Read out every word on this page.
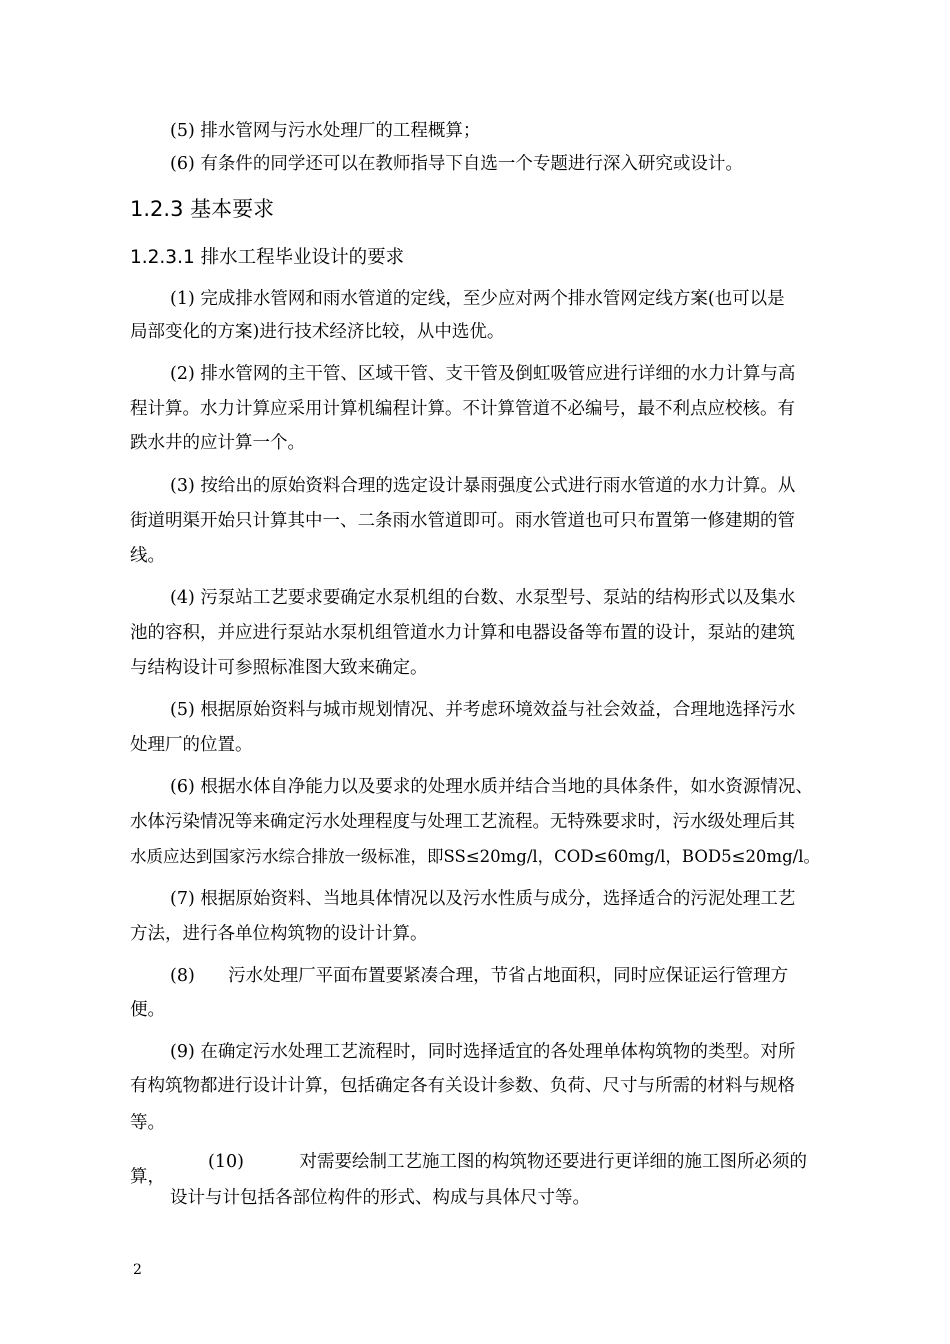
(5) 排水管网与污水处理厂的工程概算；
(6) 有条件的同学还可以在教师指导下自选一个专题进行深入研究或设计。
1.2.3 基本要求
1.2.3.1 排水工程毕业设计的要求
(1) 完成排水管网和雨水管道的定线，至少应对两个排水管网定线方案(也可以是
局部变化的方案)进行技术经济比较，从中选优。
(2) 排水管网的主干管、区域干管、支干管及倒虹吸管应进行详细的水力计算与高
程计算。水力计算应采用计算机编程计算。不计算管道不必编号，最不利点应校核。有
跌水井的应计算一个。
(3) 按给出的原始资料合理的选定设计暴雨强度公式进行雨水管道的水力计算。从
街道明渠开始只计算其中一、二条雨水管道即可。雨水管道也可只布置第一修建期的管
线。
(4) 污泵站工艺要求要确定水泵机组的台数、水泵型号、泵站的结构形式以及集水
池的容积，并应进行泵站水泵机组管道水力计算和电器设备等布置的设计，泵站的建筑
与结构设计可参照标准图大致来确定。
(5) 根据原始资料与城市规划情况、并考虑环境效益与社会效益，合理地选择污水
处理厂的位置。
(6) 根据水体自净能力以及要求的处理水质并结合当地的具体条件，如水资源情况、
水体污染情况等来确定污水处理程度与处理工艺流程。无特殊要求时，污水级处理后其
水质应达到国家污水综合排放一级标准，即SS≤20mg/l，COD≤60mg/l，BOD5≤20mg/l。
(7) 根据原始资料、当地具体情况以及污水性质与成分，选择适合的污泥处理工艺
方法，进行各单位构筑物的设计计算。
(8)      污水处理厂平面布置要紧凑合理，节省占地面积，同时应保证运行管理方
便。
(9) 在确定污水处理工艺流程时，同时选择适宜的各处理单体构筑物的类型。对所
有构筑物都进行设计计算，包括确定各有关设计参数、负荷、尺寸与所需的材料与规格
等。
(10)          对需要绘制工艺施工图的构筑物还要进行更详细的施工图所必须的
算，
设计与计包括各部位构件的形式、构成与具体尺寸等。
2
